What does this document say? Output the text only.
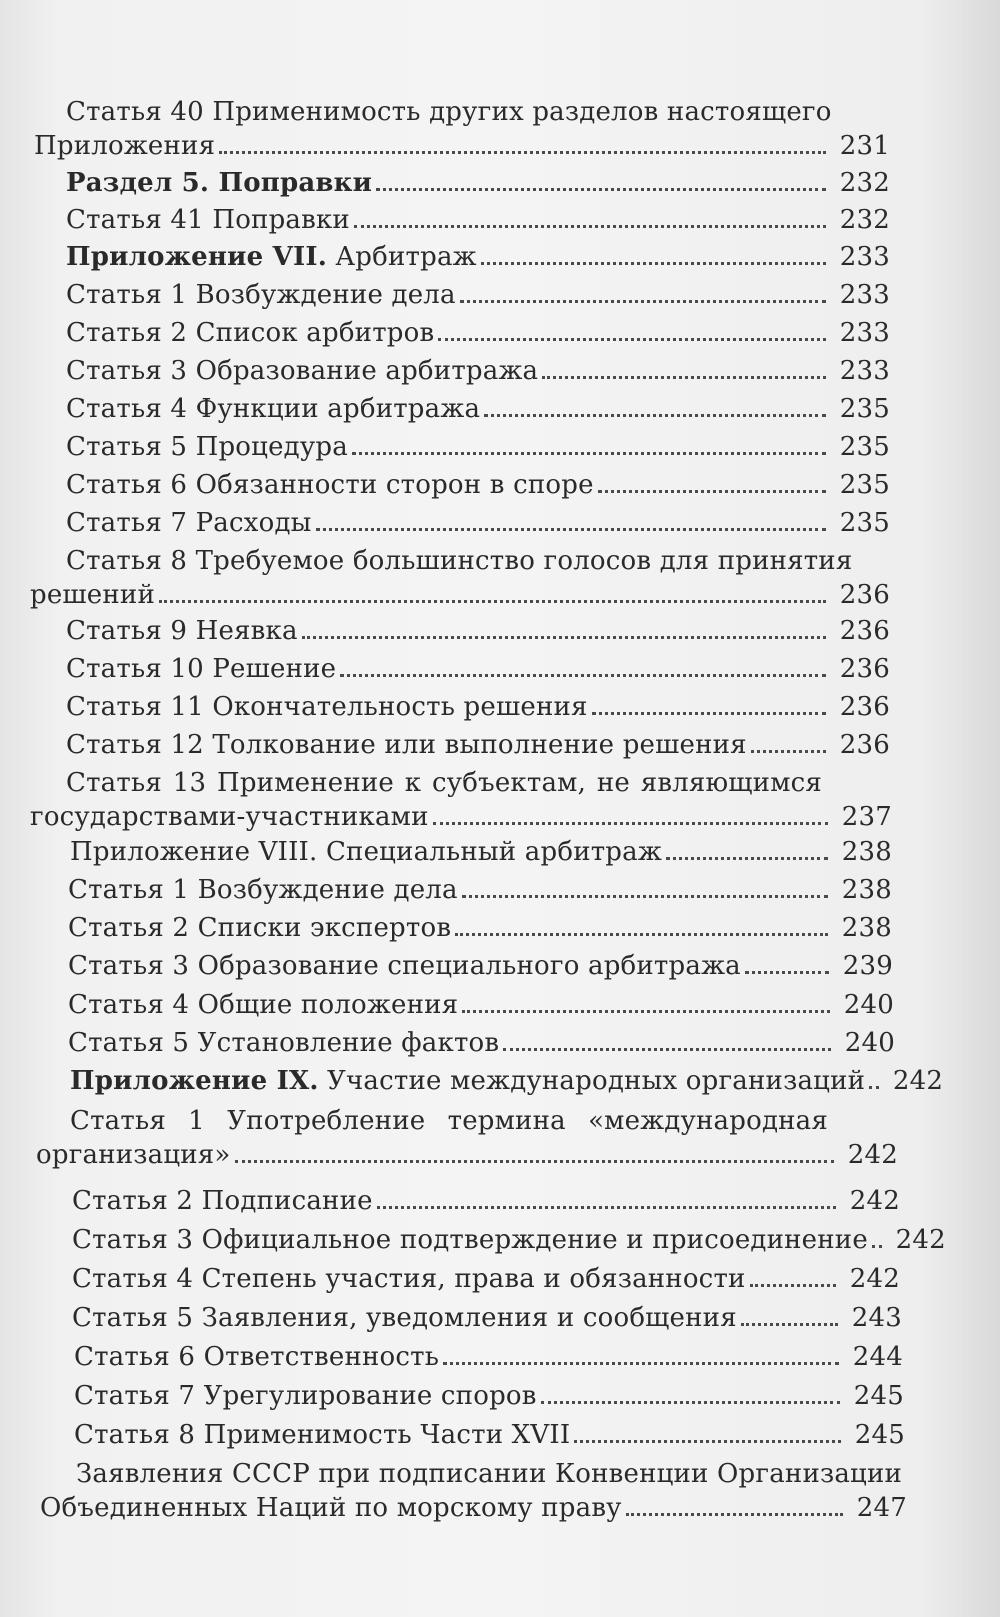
Статья 40 Применимость других разделов настоящего
Приложения	231
Раздел 5. Поправки	232
Статья 41 Поправки	232
Приложение VII. Арбитраж	233
Статья 1 Возбуждение дела	233
Статья 2 Список арбитров	233
Статья 3 Образование арбитража	233
Статья 4 Функции арбитража	235
Статья 5 Процедура	235
Статья 6 Обязанности сторон в споре	235
Статья 7 Расходы	235
Статья 8 Требуемое большинство голосов для принятия
решений	236
Статья 9 Неявка	236
Статья 10 Решение	236
Статья 11 Окончательность решения	236
Статья 12 Толкование или выполнение решения	236
Статья 13 Применение к субъектам, не являющимся
государствами-участниками	237
Приложение VIII. Специальный арбитраж	238
Статья 1 Возбуждение дела	238
Статья 2 Списки экспертов	238
Статья 3 Образование специального арбитража	239
Статья 4 Общие положения	240
Статья 5 Установление фактов	240
Приложение IX. Участие международных организаций	242
Статья 1 Употребление термина «международная
организация»	242
Статья 2 Подписание	242
Статья 3 Официальное подтверждение и присоединение	242
Статья 4 Степень участия, права и обязанности	242
Статья 5 Заявления, уведомления и сообщения	243
Статья 6 Ответственность	244
Статья 7 Урегулирование споров	245
Статья 8 Применимость Части XVII	245
Заявления СССР при подписании Конвенции Организации
Объединенных Наций по морскому праву	247
